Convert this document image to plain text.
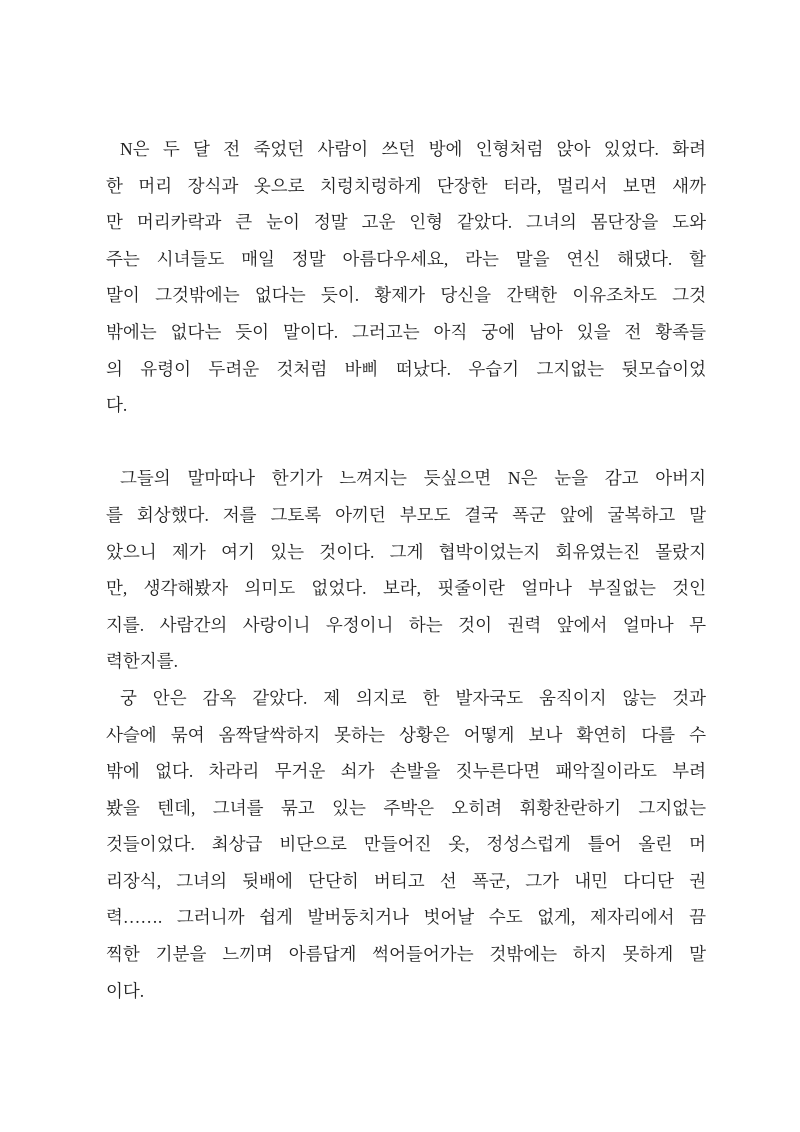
N은 두 달 전 죽었던 사람이 쓰던 방에 인형처럼 앉아 있었다. 화려
한 머리 장식과 옷으로 치렁치렁하게 단장한 터라, 멀리서 보면 새까
만 머리카락과 큰 눈이 정말 고운 인형 같았다. 그녀의 몸단장을 도와
주는 시녀들도 매일 정말 아름다우세요, 라는 말을 연신 해댔다. 할
말이 그것밖에는 없다는 듯이. 황제가 당신을 간택한 이유조차도 그것
밖에는 없다는 듯이 말이다. 그러고는 아직 궁에 남아 있을 전 황족들
의 유령이 두려운 것처럼 바삐 떠났다. 우습기 그지없는 뒷모습이었
다.
그들의 말마따나 한기가 느껴지는 듯싶으면 N은 눈을 감고 아버지
를 회상했다. 저를 그토록 아끼던 부모도 결국 폭군 앞에 굴복하고 말
았으니 제가 여기 있는 것이다. 그게 협박이었는지 회유였는진 몰랐지
만, 생각해봤자 의미도 없었다. 보라, 핏줄이란 얼마나 부질없는 것인
지를. 사람간의 사랑이니 우정이니 하는 것이 권력 앞에서 얼마나 무
력한지를.
궁 안은 감옥 같았다. 제 의지로 한 발자국도 움직이지 않는 것과
사슬에 묶여 옴짝달싹하지 못하는 상황은 어떻게 보나 확연히 다를 수
밖에 없다. 차라리 무거운 쇠가 손발을 짓누른다면 패악질이라도 부려
봤을 텐데, 그녀를 묶고 있는 주박은 오히려 휘황찬란하기 그지없는
것들이었다. 최상급 비단으로 만들어진 옷, 정성스럽게 틀어 올린 머
리장식, 그녀의 뒷배에 단단히 버티고 선 폭군, 그가 내민 다디단 권
력……. 그러니까 쉽게 발버둥치거나 벗어날 수도 없게, 제자리에서 끔
찍한 기분을 느끼며 아름답게 썩어들어가는 것밖에는 하지 못하게 말
이다.
